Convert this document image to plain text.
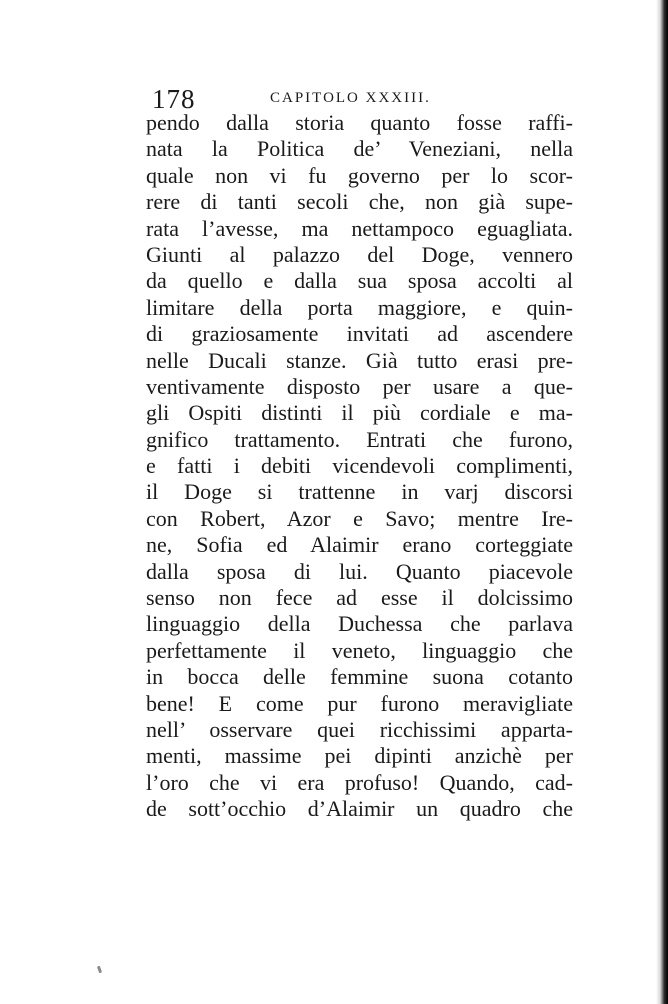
178	CAPITOLO XXXIII.
pendo dalla storia quanto fosse raffi-
nata la Politica de’ Veneziani, nella
quale non vi fu governo per lo scor-
rere di tanti secoli che, non già supe-
rata l’avesse, ma nettampoco eguagliata.
Giunti al palazzo del Doge, vennero
da quello e dalla sua sposa accolti al
limitare della porta maggiore, e quin-
di graziosamente invitati ad ascendere
nelle Ducali stanze. Già tutto erasi pre-
ventivamente disposto per usare a que-
gli Ospiti distinti il più cordiale e ma-
gnifico trattamento. Entrati che furono,
e fatti i debiti vicendevoli complimenti,
il Doge si trattenne in varj discorsi
con Robert, Azor e Savo; mentre Ire-
ne, Sofia ed Alaimir erano corteggiate
dalla sposa di lui. Quanto piacevole
senso non fece ad esse il dolcissimo
linguaggio della Duchessa che parlava
perfettamente il veneto, linguaggio che
in bocca delle femmine suona cotanto
bene! E come pur furono meravigliate
nell’ osservare quei ricchissimi apparta-
menti, massime pei dipinti anzichè per
l’oro che vi era profuso! Quando, cad-
de sott’occhio d’Alaimir un quadro che
